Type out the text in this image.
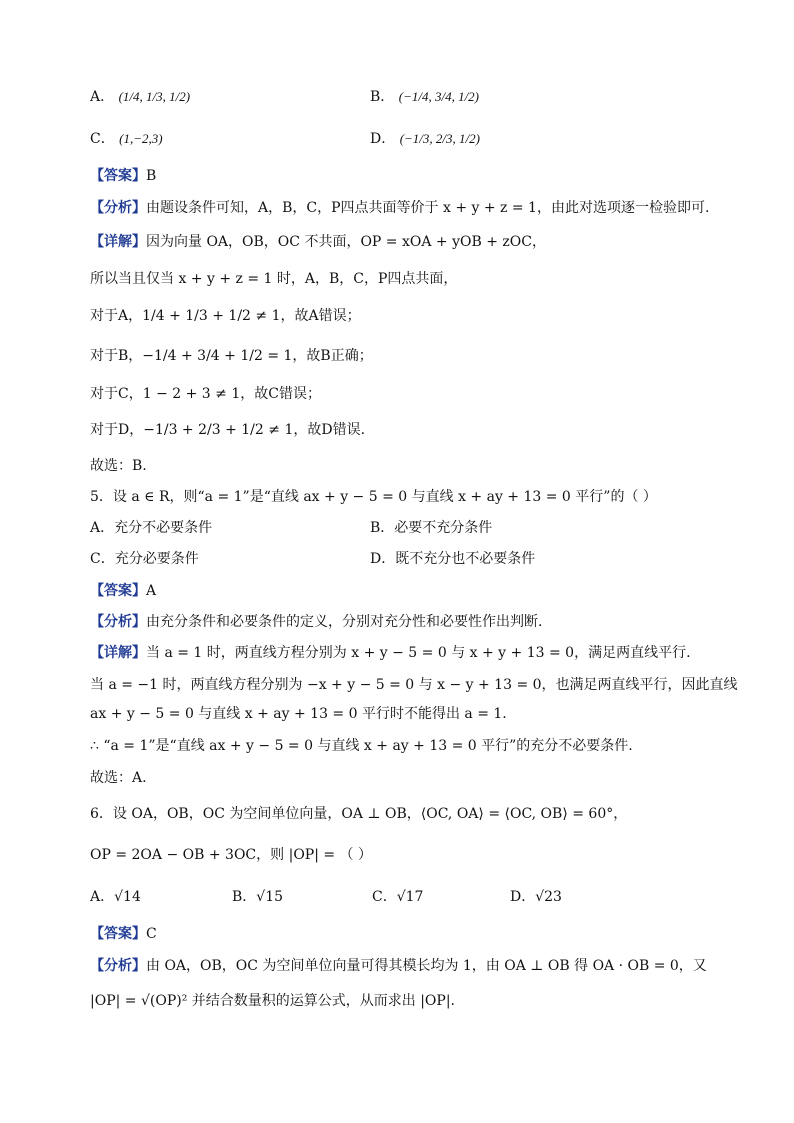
A． (1/4, 1/3, 1/2)	B． (−1/4, 3/4, 1/2)
C． (1,−2,3)	D． (−1/3, 2/3, 1/2)
【答案】B
【分析】由题设条件可知，A，B，C，P四点共面等价于 x + y + z = 1，由此对选项逐一检验即可.
【详解】因为向量 OA，OB，OC 不共面，OP = xOA + yOB + zOC，
所以当且仅当 x + y + z = 1 时，A，B，C，P四点共面，
对于A，1/4 + 1/3 + 1/2 ≠ 1，故A错误；
对于B，−1/4 + 3/4 + 1/2 = 1，故B正确；
对于C，1 − 2 + 3 ≠ 1，故C错误；
对于D，−1/3 + 2/3 + 1/2 ≠ 1，故D错误.
故选：B.
5．设 a ∈ R，则“a = 1”是“直线 ax + y − 5 = 0 与直线 x + ay + 13 = 0 平行”的（ ）
A．充分不必要条件	B．必要不充分条件
C．充分必要条件	D．既不充分也不必要条件
【答案】A
【分析】由充分条件和必要条件的定义，分别对充分性和必要性作出判断.
【详解】当 a = 1 时，两直线方程分别为 x + y − 5 = 0 与 x + y + 13 = 0，满足两直线平行.
当 a = −1 时，两直线方程分别为 −x + y − 5 = 0 与 x − y + 13 = 0，也满足两直线平行，因此直线
ax + y − 5 = 0 与直线 x + ay + 13 = 0 平行时不能得出 a = 1.
∴ “a = 1”是“直线 ax + y − 5 = 0 与直线 x + ay + 13 = 0 平行”的充分不必要条件.
故选：A.
6．设 OA，OB，OC 为空间单位向量，OA ⊥ OB，⟨OC, OA⟩ = ⟨OC, OB⟩ = 60°，
OP = 2OA − OB + 3OC，则 |OP| = （ ）
A．√14	B．√15	C．√17	D．√23
【答案】C
【分析】由 OA，OB，OC 为空间单位向量可得其模长均为 1，由 OA ⊥ OB 得 OA · OB = 0，又
|OP| = √(OP)² 并结合数量积的运算公式，从而求出 |OP|.
